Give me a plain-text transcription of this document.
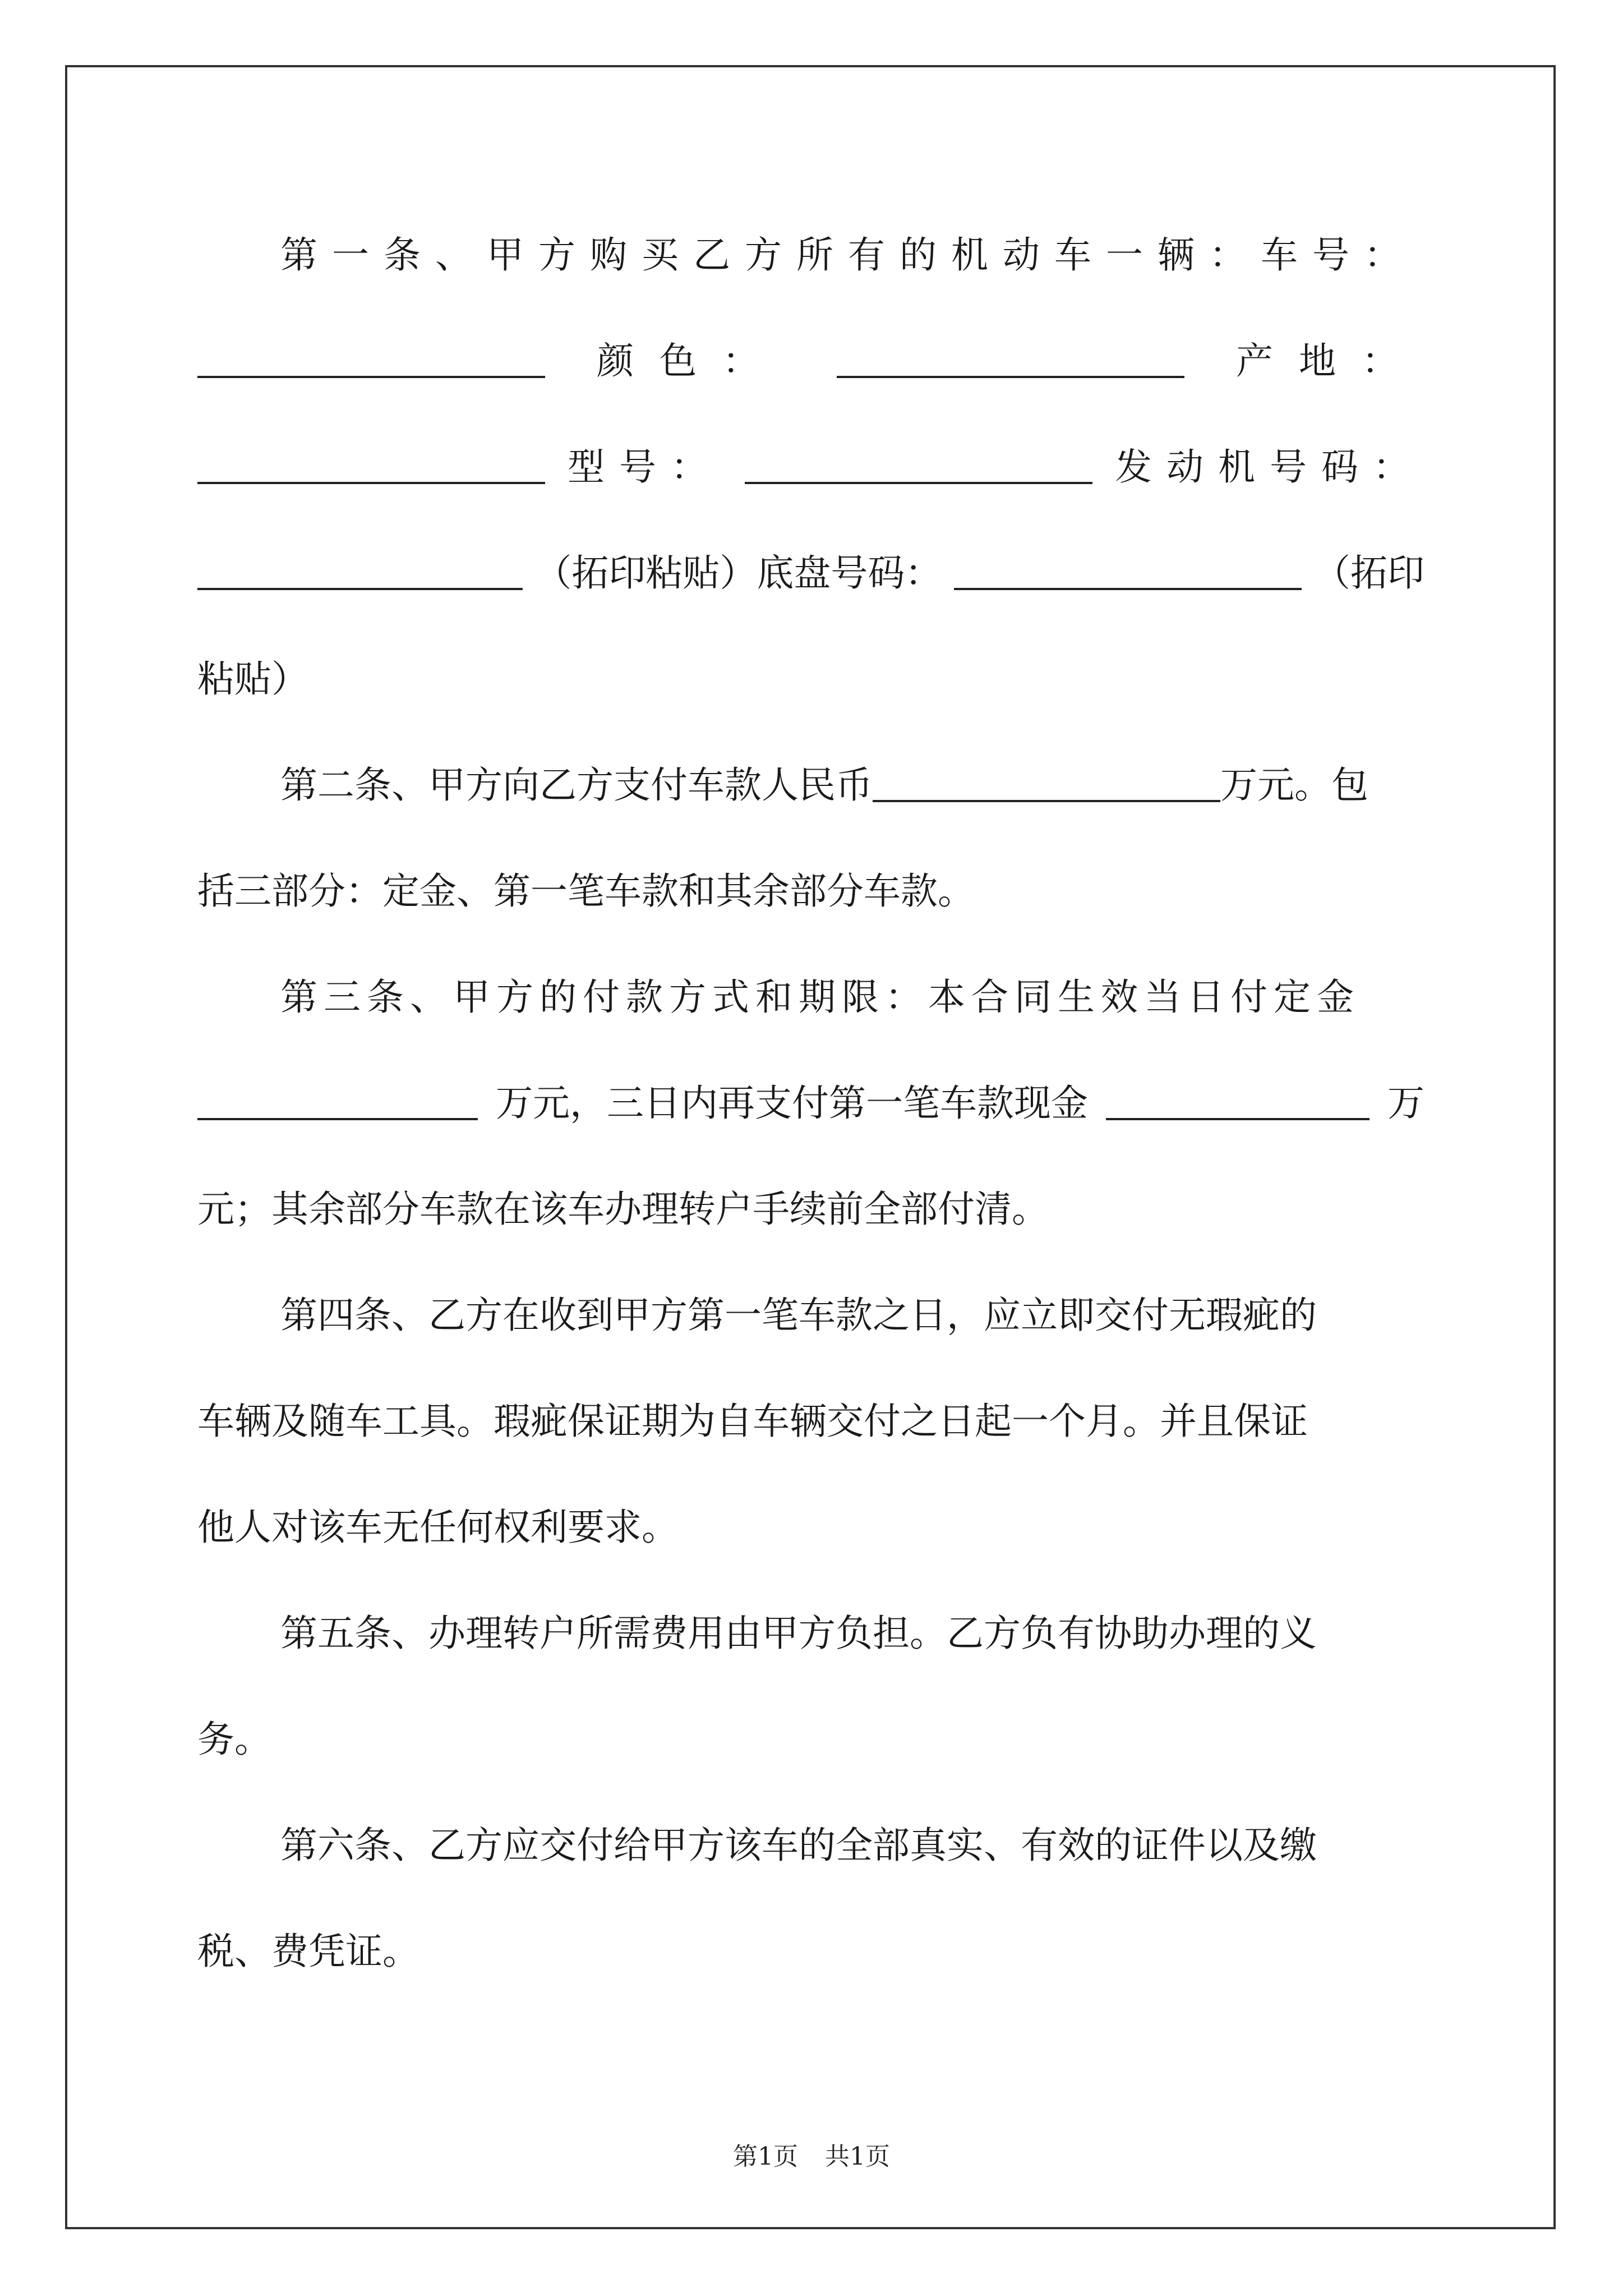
第一条、甲方购买乙方所有的机动车一辆：车号：
颜色：	产地：
型号：	发动机号码：
（拓印粘贴）底盘号码：	（拓印
粘贴）
第二条、甲方向乙方支付车款人民币	万元。包
括三部分：定金、第一笔车款和其余部分车款。
第三条、甲方的付款方式和期限：本合同生效当日付定金
万元，三日内再支付第一笔车款现金	万
元；其余部分车款在该车办理转户手续前全部付清。
第四条、乙方在收到甲方第一笔车款之日，应立即交付无瑕疵的
车辆及随车工具。瑕疵保证期为自车辆交付之日起一个月。并且保证
他人对该车无任何权利要求。
第五条、办理转户所需费用由甲方负担。乙方负有协助办理的义
务。
第六条、乙方应交付给甲方该车的全部真实、有效的证件以及缴
税、费凭证。
第1页 共1页
